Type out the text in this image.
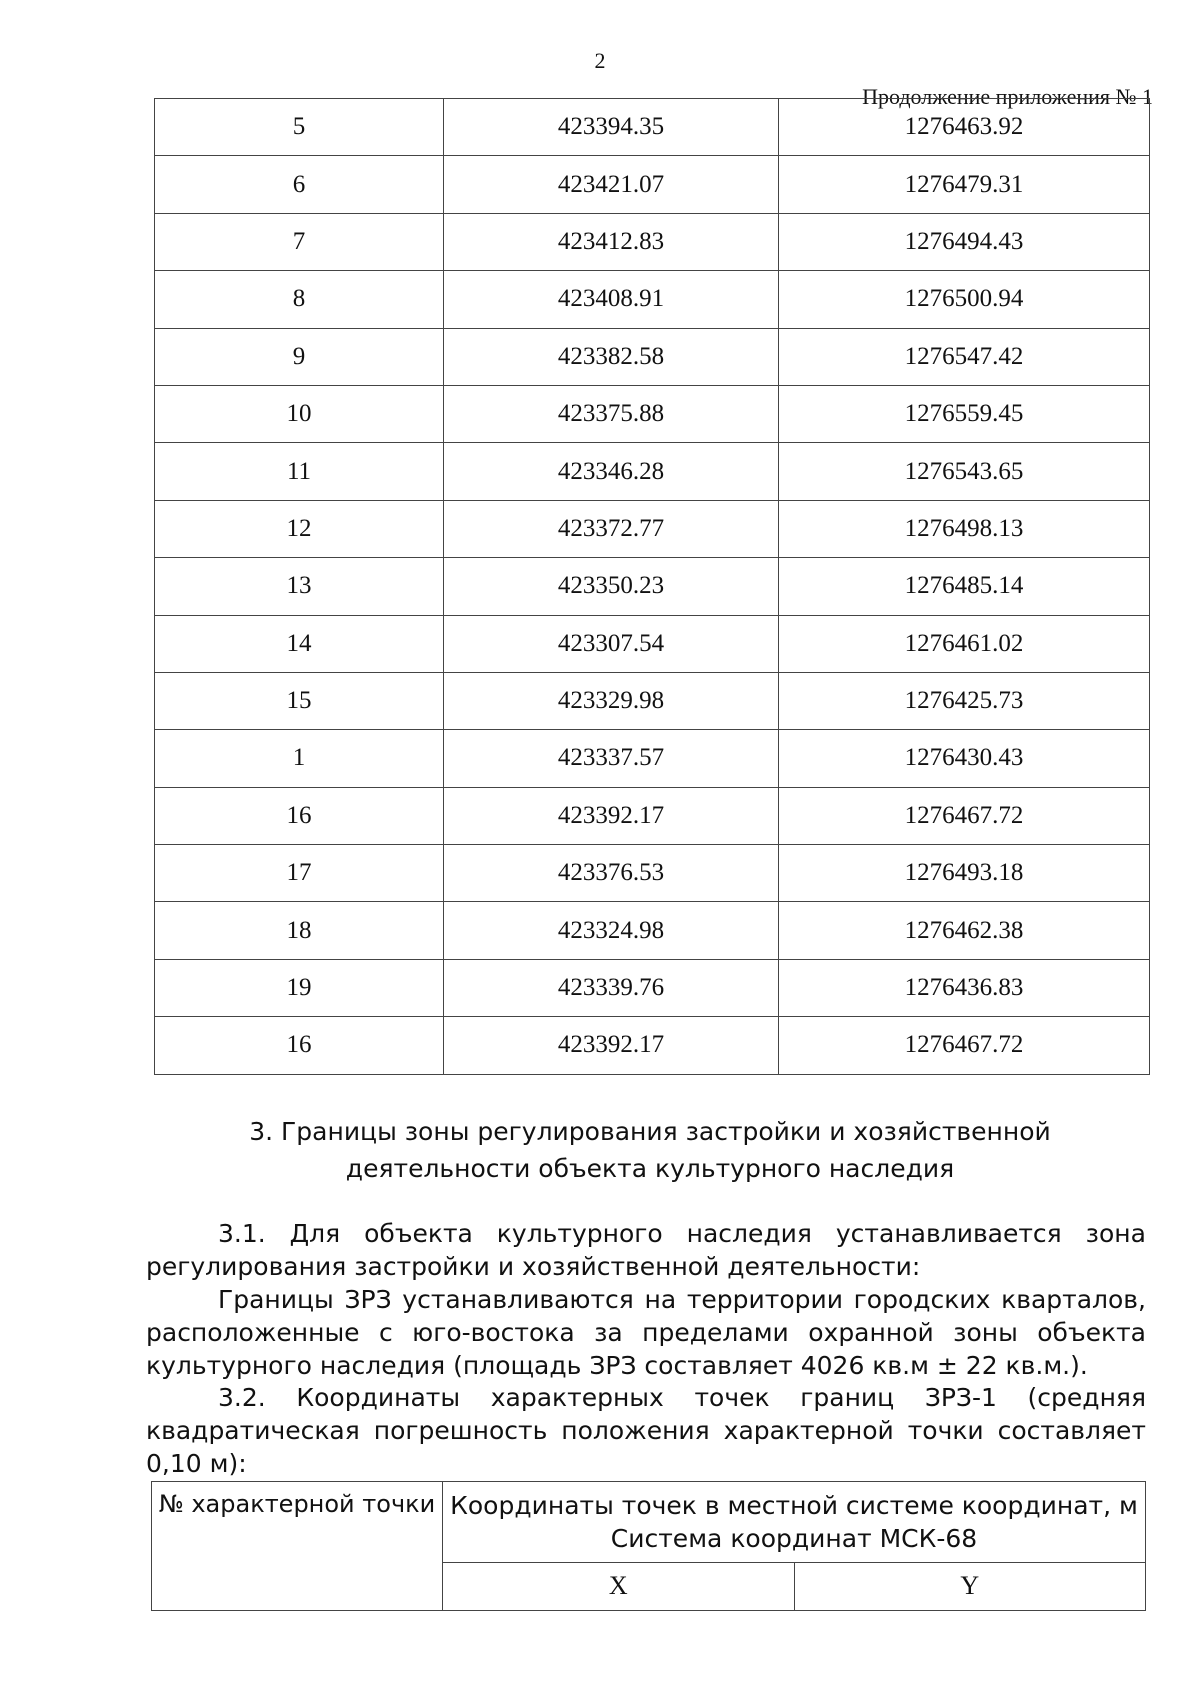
2
Продолжение приложения № 1
5	423394.35	1276463.92
6	423421.07	1276479.31
7	423412.83	1276494.43
8	423408.91	1276500.94
9	423382.58	1276547.42
10	423375.88	1276559.45
11	423346.28	1276543.65
12	423372.77	1276498.13
13	423350.23	1276485.14
14	423307.54	1276461.02
15	423329.98	1276425.73
1	423337.57	1276430.43
16	423392.17	1276467.72
17	423376.53	1276493.18
18	423324.98	1276462.38
19	423339.76	1276436.83
16	423392.17	1276467.72
3. Границы зоны регулирования застройки и хозяйственной
деятельности объекта культурного наследия
3.1. Для объекта культурного наследия устанавливается зона
регулирования застройки и хозяйственной деятельности:
Границы ЗРЗ устанавливаются на территории городских кварталов, расположенные с юго-востока за пределами охранной зоны объекта культурного наследия (площадь ЗРЗ составляет 4026 кв.м ± 22 кв.м.).
3.2. Координаты характерных точек границ ЗРЗ-1 (средняя квадратическая погрешность положения характерной точки составляет 0,10 м):
№ характерной точки	Координаты точек в местной системе координат, м
Система координат МСК-68	

	X	Y
